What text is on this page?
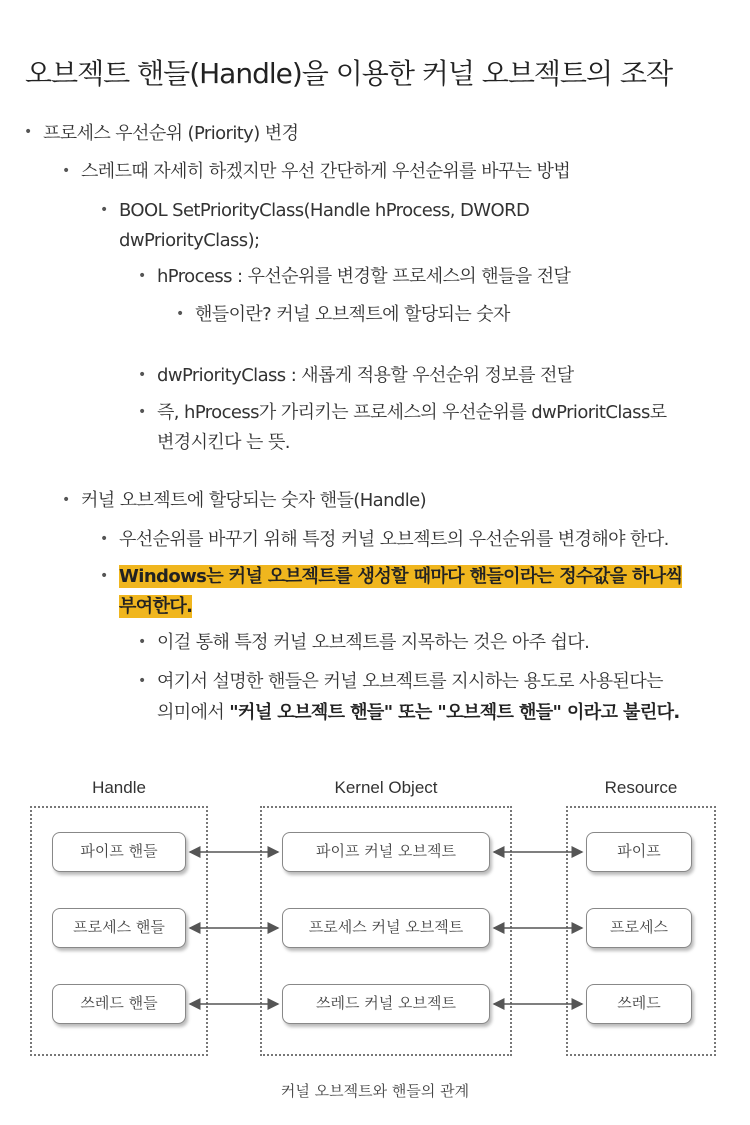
오브젝트 핸들(Handle)을 이용한 커널 오브젝트의 조작
• 프로세스 우선순위 (Priority) 변경
• 스레드때 자세히 하겠지만 우선 간단하게 우선순위를 바꾸는 방법
• BOOL SetPriorityClass(Handle hProcess, DWORD
dwPriorityClass);
• hProcess : 우선순위를 변경할 프로세스의 핸들을 전달
• 핸들이란? 커널 오브젝트에 할당되는 숫자
• dwPriorityClass : 새롭게 적용할 우선순위 정보를 전달
• 즉, hProcess가 가리키는 프로세스의 우선순위를 dwPrioritClass로
변경시킨다 는 뜻.
• 커널 오브젝트에 할당되는 숫자 핸들(Handle)
• 우선순위를 바꾸기 위해 특정 커널 오브젝트의 우선순위를 변경해야 한다.
• Windows는 커널 오브젝트를 생성할 때마다 핸들이라는 정수값을 하나씩
부여한다.
• 이걸 통해 특정 커널 오브젝트를 지목하는 것은 아주 쉽다.
• 여기서 설명한 핸들은 커널 오브젝트를 지시하는 용도로 사용된다는
의미에서 "커널 오브젝트 핸들" 또는 "오브젝트 핸들" 이라고 불린다.
Handle	Kernel Object	Resource
파이프 핸들	파이프 커널 오브젝트	파이프
프로세스 핸들	프로세스 커널 오브젝트	프로세스
쓰레드 핸들	쓰레드 커널 오브젝트	쓰레드
커널 오브젝트와 핸들의 관계
